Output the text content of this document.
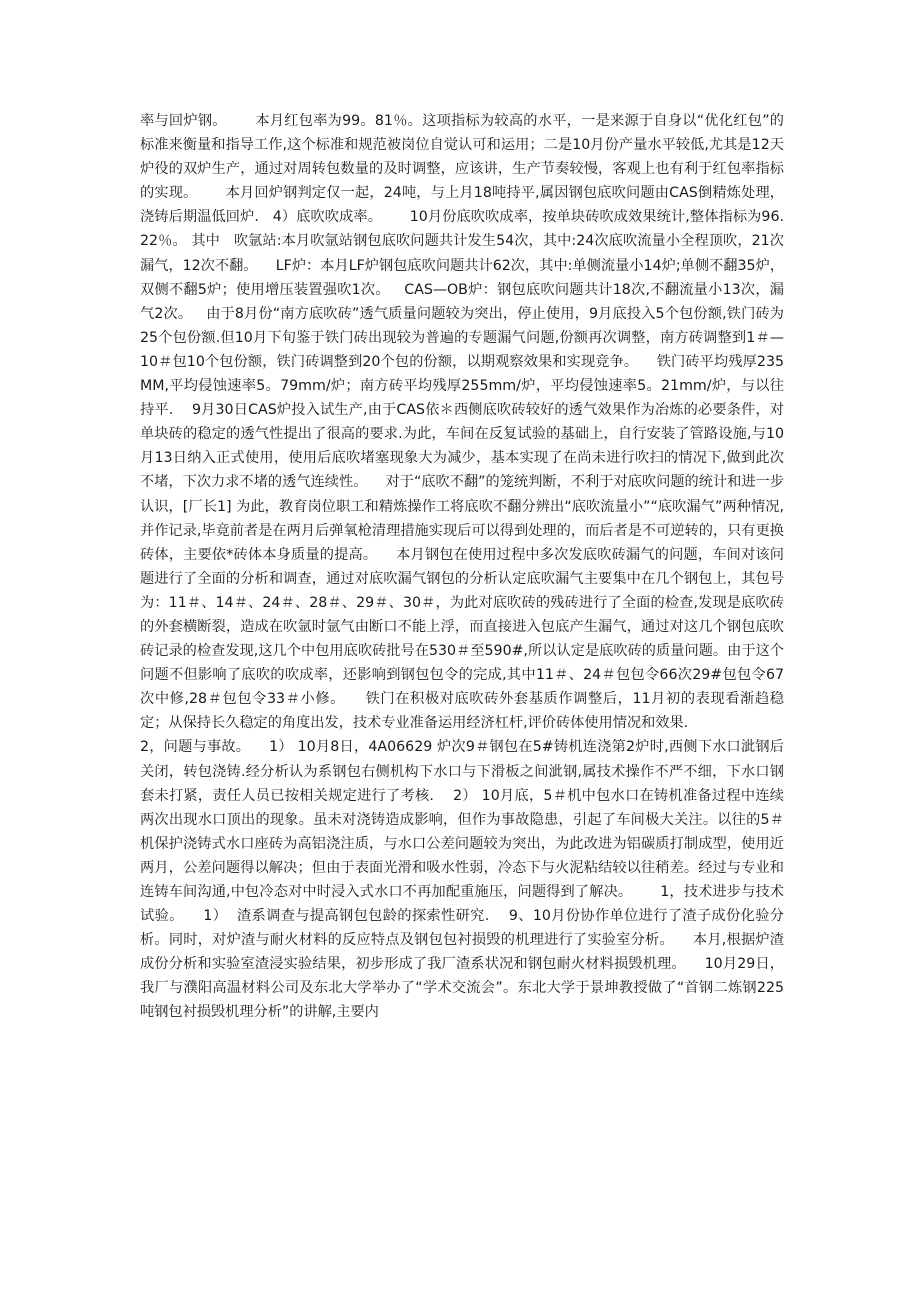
率与回炉钢。      本月红包率为99。81％。这项指标为较高的水平，一是来源于自身以“优化红包”的标准来衡量和指导工作,这个标准和规范被岗位自觉认可和运用；二是10月份产量水平较低,尤其是12天炉役的双炉生产，通过对周转包数量的及时调整，应该讲，生产节奏较慢，客观上也有利于红包率指标的实现。      本月回炉钢判定仅一起，24吨，与上月18吨持平,属因钢包底吹问题由CAS倒精炼处理，浇铸后期温低回炉.   4）底吹吹成率。      10月份底吹吹成率，按单块砖吹成效果统计,整体指标为96.22％。 其中   吹氩站:本月吹氩站钢包底吹问题共计发生54次，其中:24次底吹流量小全程顶吹，21次漏气，12次不翻。    LF炉：本月LF炉钢包底吹问题共计62次，其中:单侧流量小14炉;单侧不翻35炉，双侧不翻5炉；使用增压装置强吹1次。   CAS—OB炉：钢包底吹问题共计18次,不翻流量小13次，漏气2次。   由于8月份“南方底吹砖”透气质量问题较为突出，停止使用，9月底投入5个包份额,铁门砖为25个包份额.但10月下旬鉴于铁门砖出现较为普遍的专题漏气问题,份额再次调整，南方砖调整到1＃—10＃包10个包份额，铁门砖调整到20个包的份额，以期观察效果和实现竞争。    铁门砖平均残厚235MM,平均侵蚀速率5。79mm/炉；南方砖平均残厚255mm/炉，平均侵蚀速率5。21mm/炉，与以往持平.    9月30日CAS炉投入试生产,由于CAS依＊西侧底吹砖较好的透气效果作为冶炼的必要条件，对单块砖的稳定的透气性提出了很高的要求.为此，车间在反复试验的基础上，自行安装了管路设施,与10月13日纳入正式使用，使用后底吹堵塞现象大为减少，基本实现了在尚未进行吹扫的情况下,做到此次不堵，下次力求不堵的透气连续性。    对于“底吹不翻”的笼统判断，不利于对底吹问题的统计和进一步认识，[厂长1] 为此，教育岗位职工和精炼操作工将底吹不翻分辨出“底吹流量小”“底吹漏气”两种情况,并作记录,毕竟前者是在两月后弹氧枪清理措施实现后可以得到处理的，而后者是不可逆转的，只有更换砖体，主要依*砖体本身质量的提高。    本月钢包在使用过程中多次发底吹砖漏气的问题，车间对该问题进行了全面的分析和调查，通过对底吹漏气钢包的分析认定底吹漏气主要集中在几个钢包上，其包号为：11＃、14＃、24＃、28＃、29＃、30＃，为此对底吹砖的残砖进行了全面的检查,发现是底吹砖的外套横断裂，造成在吹氩时氩气由断口不能上浮，而直接进入包底产生漏气，通过对这几个钢包底吹砖记录的检查发现,这几个中包用底吹砖批号在530＃至590#,所以认定是底吹砖的质量问题。由于这个问题不但影响了底吹的吹成率，还影响到钢包包令的完成,其中11＃、24＃包包令66次29#包包令67次中修,28＃包包令33＃小修。    铁门在积极对底吹砖外套基质作调整后，11月初的表现看渐趋稳定；从保持长久稳定的角度出发，技术专业准备运用经济杠杆,评价砖体使用情况和效果.

2，问题与事故。    1） 10月8日，4A06629 炉次9＃钢包在5#铸机连浇第2炉时,西侧下水口泚钢后关闭，转包浇铸.经分析认为系钢包右侧机构下水口与下滑板之间泚钢,属技术操作不严不细，下水口钢套未打紧，责任人员已按相关规定进行了考核.    2） 10月底，5＃机中包水口在铸机准备过程中连续两次出现水口顶出的现象。虽未对浇铸造成影响，但作为事故隐患，引起了车间极大关注。以往的5＃机保护浇铸式水口座砖为高铝浇注质，与水口公差问题较为突出，为此改进为铝碳质打制成型，使用近两月，公差问题得以解决；但由于表面光滑和吸水性弱，冷态下与火泥粘结较以往稍差。经过与专业和连铸车间沟通,中包冷态对中时浸入式水口不再加配重施压，问题得到了解决。      1，技术进步与技术试验。    1）  渣系调查与提高钢包包龄的探索性研究.    9、10月份协作单位进行了渣子成份化验分析。同时，对炉渣与耐火材料的反应特点及钢包包衬损毁的机理进行了实验室分析。    本月,根据炉渣成份分析和实验室渣浸实验结果，初步形成了我厂渣系状况和钢包耐火材料损毁机理。    10月29日，我厂与濮阳高温材料公司及东北大学举办了“学术交流会”。东北大学于景坤教授做了“首钢二炼钢225吨钢包衬损毁机理分析”的讲解,主要内
